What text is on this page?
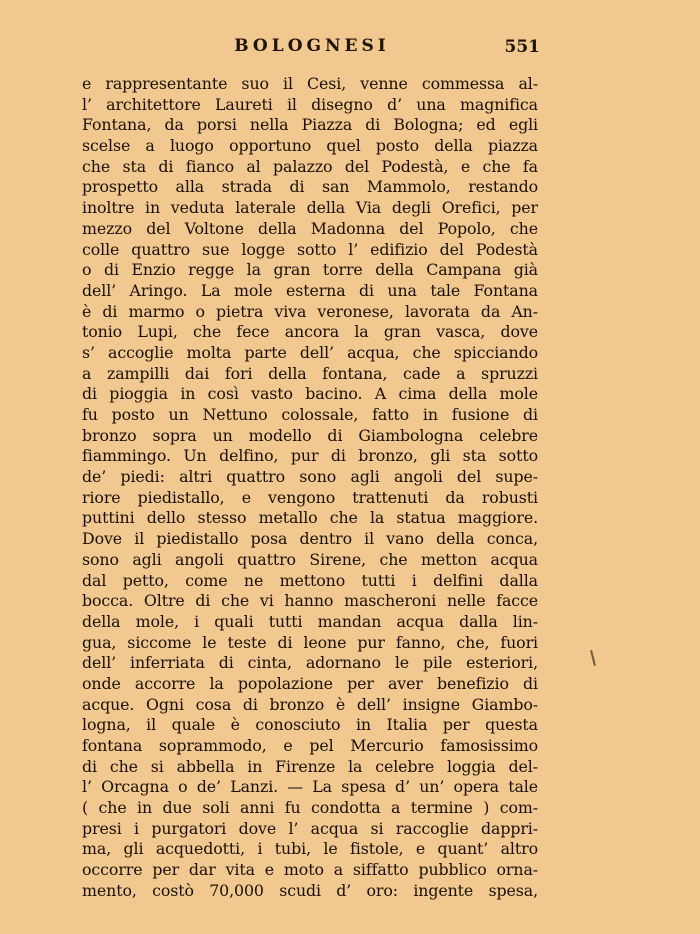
BOLOGNESI	551
e rappresentante suo il Cesi, venne commessa al-
l’ architettore Laureti il disegno d’ una magnifica
Fontana, da porsi nella Piazza di Bologna; ed egli
scelse a luogo opportuno quel posto della piazza
che sta di fianco al palazzo del Podestà, e che fa
prospetto alla strada di san Mammolo, restando
inoltre in veduta laterale della Via degli Orefici, per
mezzo del Voltone della Madonna del Popolo, che
colle quattro sue logge sotto l’ edifizio del Podestà
o di Enzio regge la gran torre della Campana già
dell’ Aringo. La mole esterna di una tale Fontana
è di marmo o pietra viva veronese, lavorata da An-
tonio Lupi, che fece ancora la gran vasca, dove
s’ accoglie molta parte dell’ acqua, che spicciando
a zampilli dai fori della fontana, cade a spruzzi
di pioggia in così vasto bacino. A cima della mole
fu posto un Nettuno colossale, fatto in fusione di
bronzo sopra un modello di Giambologna celebre
fiammingo. Un delfino, pur di bronzo, gli sta sotto
de’ piedi: altri quattro sono agli angoli del supe-
riore piedistallo, e vengono trattenuti da robusti
puttini dello stesso metallo che la statua maggiore.
Dove il piedistallo posa dentro il vano della conca,
sono agli angoli quattro Sirene, che metton acqua
dal petto, come ne mettono tutti i delfini dalla
bocca. Oltre di che vi hanno mascheroni nelle facce
della mole, i quali tutti mandan acqua dalla lin-
gua, siccome le teste di leone pur fanno, che, fuori
dell’ inferriata di cinta, adornano le pile esteriori,
onde accorre la popolazione per aver benefizio di
acque. Ogni cosa di bronzo è dell’ insigne Giambo-
logna, il quale è conosciuto in Italia per questa
fontana soprammodo, e pel Mercurio famosissimo
di che si abbella in Firenze la celebre loggia del-
l’ Orcagna o de’ Lanzi. — La spesa d’ un’ opera tale
( che in due soli anni fu condotta a termine ) com-
presi i purgatori dove l’ acqua si raccoglie dappri-
ma, gli acquedotti, i tubi, le fistole, e quant’ altro
occorre per dar vita e moto a siffatto pubblico orna-
mento, costò 70,000 scudi d’ oro: ingente spesa,
